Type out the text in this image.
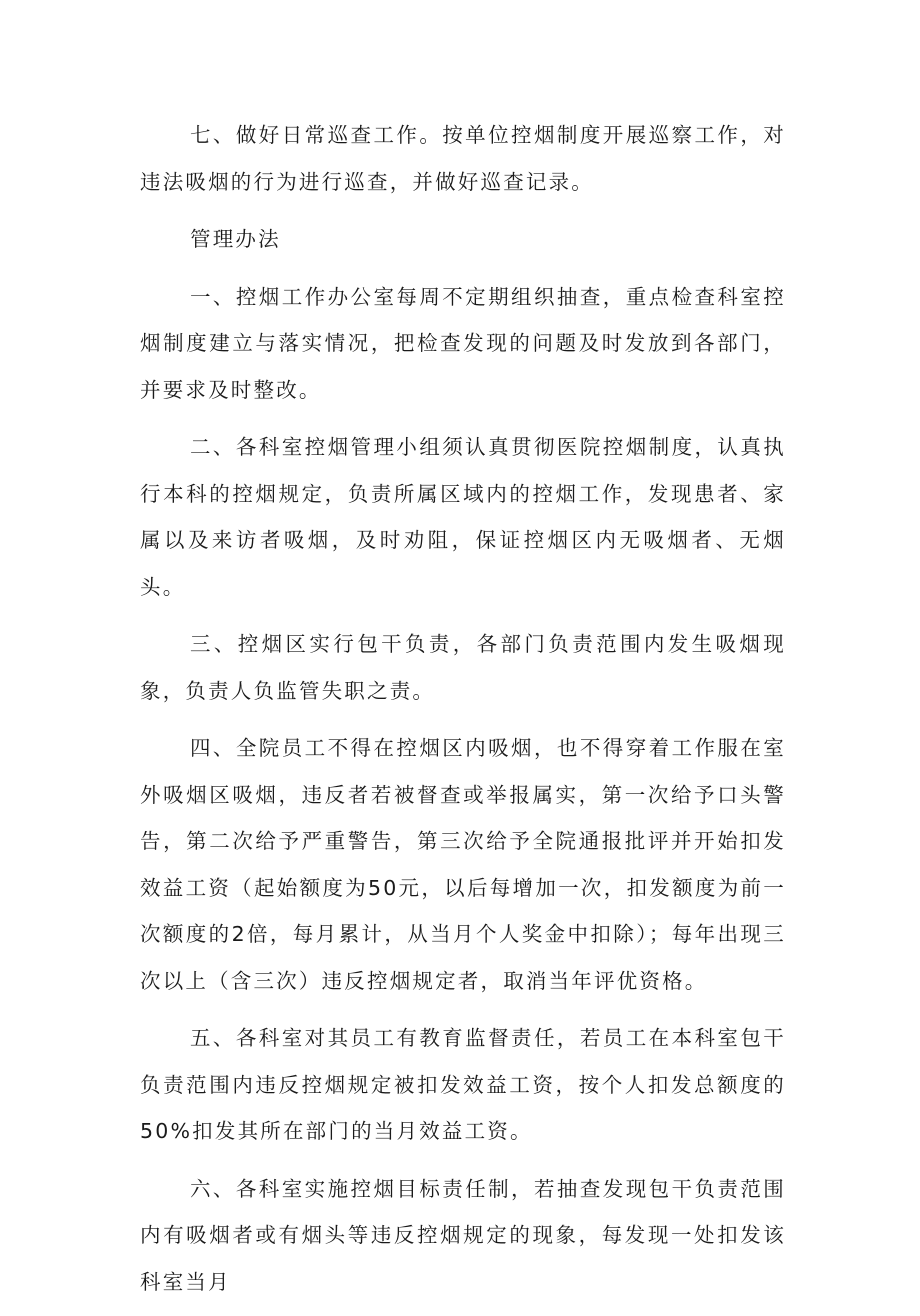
七、做好日常巡查工作。按单位控烟制度开展巡察工作，对违法吸烟的行为进行巡查，并做好巡查记录。

管理办法

一、控烟工作办公室每周不定期组织抽查，重点检查科室控烟制度建立与落实情况，把检查发现的问题及时发放到各部门，并要求及时整改。

二、各科室控烟管理小组须认真贯彻医院控烟制度，认真执行本科的控烟规定，负责所属区域内的控烟工作，发现患者、家属以及来访者吸烟，及时劝阻，保证控烟区内无吸烟者、无烟头。

三、控烟区实行包干负责，各部门负责范围内发生吸烟现象，负责人负监管失职之责。

四、全院员工不得在控烟区内吸烟，也不得穿着工作服在室外吸烟区吸烟，违反者若被督查或举报属实，第一次给予口头警告，第二次给予严重警告，第三次给予全院通报批评并开始扣发效益工资（起始额度为50元，以后每增加一次，扣发额度为前一次额度的2倍，每月累计，从当月个人奖金中扣除）；每年出现三次以上（含三次）违反控烟规定者，取消当年评优资格。

五、各科室对其员工有教育监督责任，若员工在本科室包干负责范围内违反控烟规定被扣发效益工资，按个人扣发总额度的50%扣发其所在部门的当月效益工资。

六、各科室实施控烟目标责任制，若抽查发现包干负责范围内有吸烟者或有烟头等违反控烟规定的现象，每发现一处扣发该科室当月
